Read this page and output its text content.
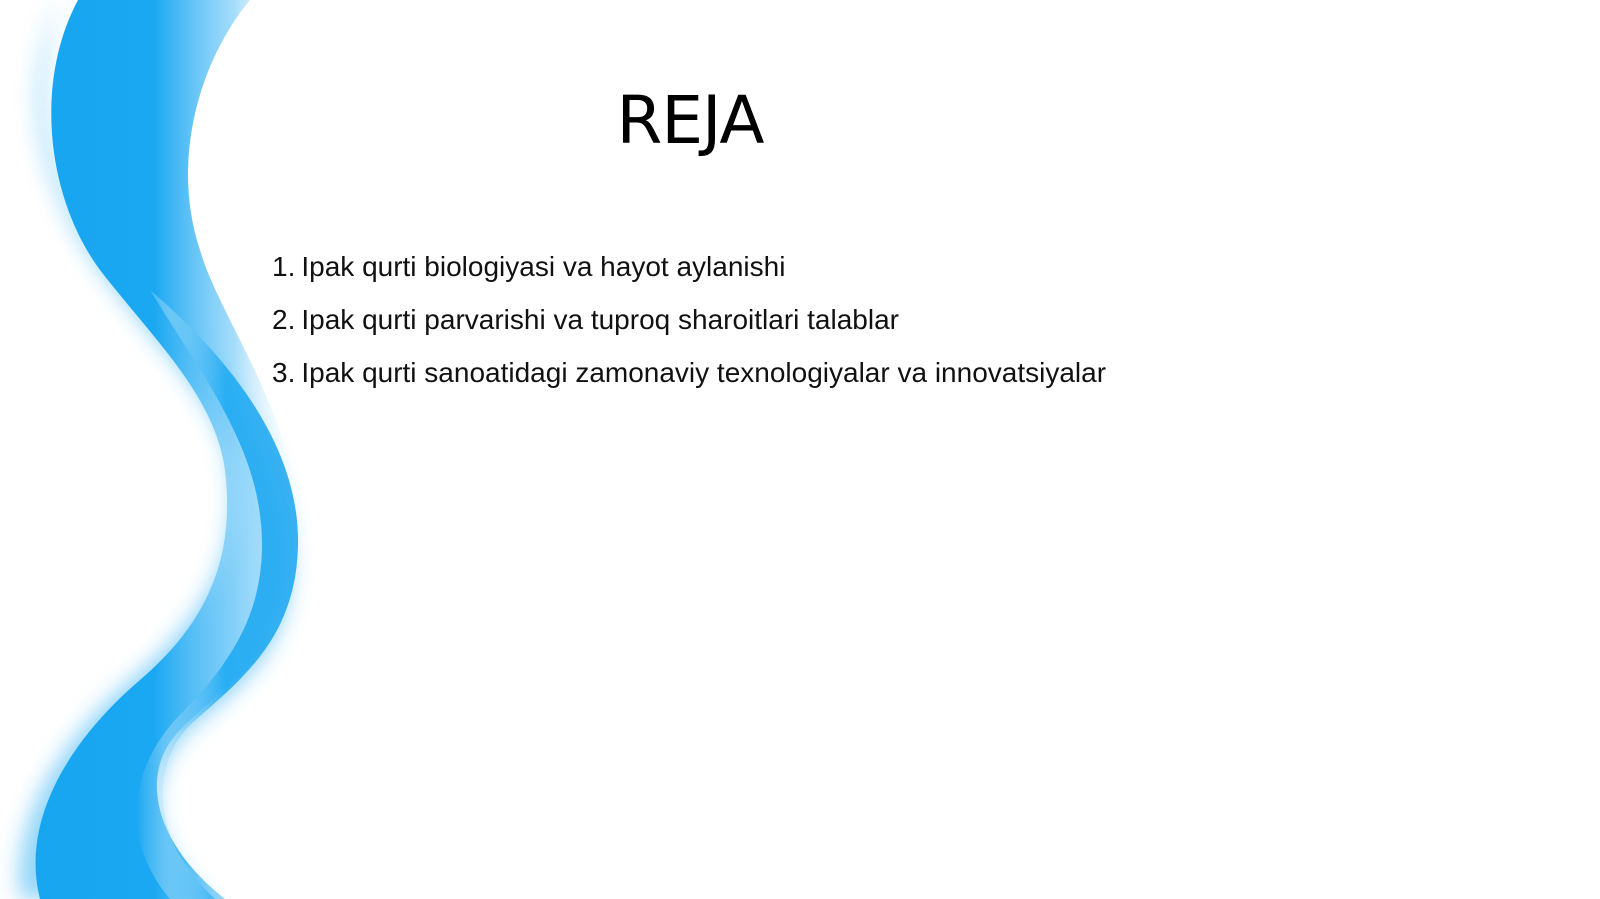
REJA
1. Ipak qurti biologiyasi va hayot aylanishi
2. Ipak qurti parvarishi va tuproq sharoitlari talablar
3. Ipak qurti sanoatidagi zamonaviy texnologiyalar va innovatsiyalar
